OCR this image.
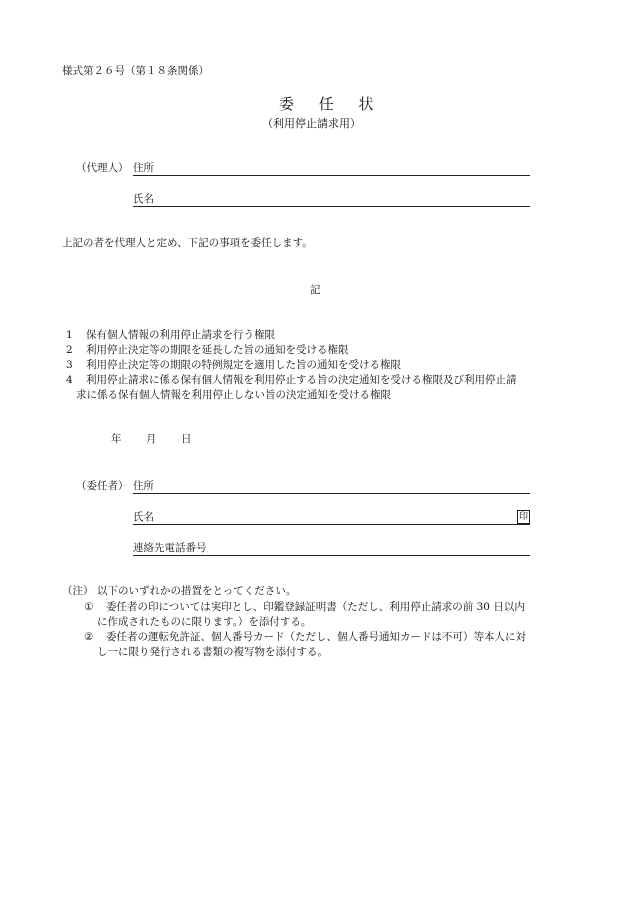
様式第２６号（第１８条関係）
委 任 状
（利用停止請求用）
（代理人） 住所
氏名
上記の者を代理人と定め、下記の事項を委任します。
記
1 保有個人情報の利用停止請求を行う権限
2 利用停止決定等の期限を延長した旨の通知を受ける権限
3 利用停止決定等の期限の特例規定を適用した旨の通知を受ける権限
4 利用停止請求に係る保有個人情報を利用停止する旨の決定通知を受ける権限及び利用停止請
求に係る保有個人情報を利用停止しない旨の決定通知を受ける権限
年 月 日
（委任者） 住所
氏名	印
連絡先電話番号
（注） 以下のいずれかの措置をとってください。
① 委任者の印については実印とし、印鑑登録証明書（ただし、利用停止請求の前 30 日以内
に作成されたものに限ります。）を添付する。
② 委任者の運転免許証、個人番号カード（ただし、個人番号通知カードは不可）等本人に対
し一に限り発行される書類の複写物を添付する。
